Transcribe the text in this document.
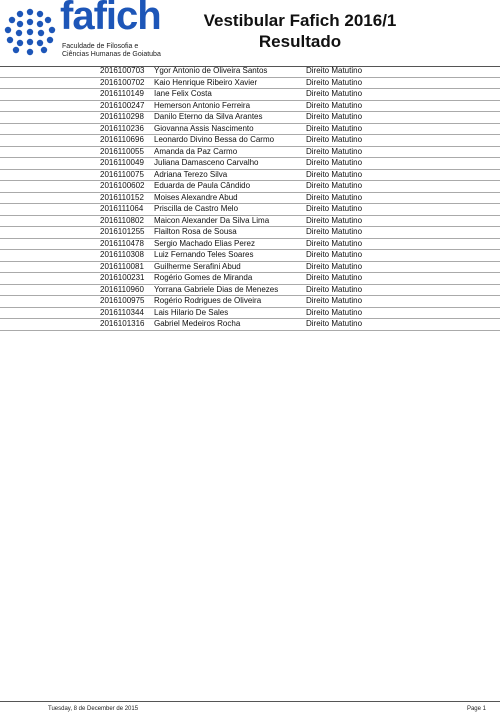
fafich
Faculdade de Filosofia e
Ciências Humanas de Goiatuba
Vestibular Fafich 2016/1
Resultado
2016100703 Ygor Antonio de Oliveira Santos	Direito Matutino
2016100702 Kaio Henrique Ribeiro Xavier	Direito Matutino
2016110149 Iane Felix Costa	Direito Matutino
2016100247 Hemerson Antonio Ferreira	Direito Matutino
2016110298 Danilo Eterno da Silva Arantes	Direito Matutino
2016110236 Giovanna Assis Nascimento	Direito Matutino
2016110696 Leonardo Divino Bessa do Carmo	Direito Matutino
2016110055 Amanda da Paz Carmo	Direito Matutino
2016110049 Juliana Damasceno Carvalho	Direito Matutino
2016110075 Adriana Terezo Silva	Direito Matutino
2016100602 Eduarda de Paula Cândido	Direito Matutino
2016110152 Moises Alexandre Abud	Direito Matutino
2016111064 Priscilla de Castro Melo	Direito Matutino
2016110802 Maicon Alexander Da Silva Lima	Direito Matutino
2016101255 Flailton Rosa de Sousa	Direito Matutino
2016110478 Sergio Machado Elias Perez	Direito Matutino
2016110308 Luiz Fernando Teles Soares	Direito Matutino
2016110081 Guilherme Serafini Abud	Direito Matutino
2016100231 Rogério Gomes de Miranda	Direito Matutino
2016110960 Yorrana Gabriele Dias de Menezes	Direito Matutino
2016100975 Rogério Rodrigues de Oliveira	Direito Matutino
2016110344 Lais Hilario De Sales	Direito Matutino
2016101316 Gabriel Medeiros Rocha	Direito Matutino
Tuesday, 8 de December de 2015	Page 1
